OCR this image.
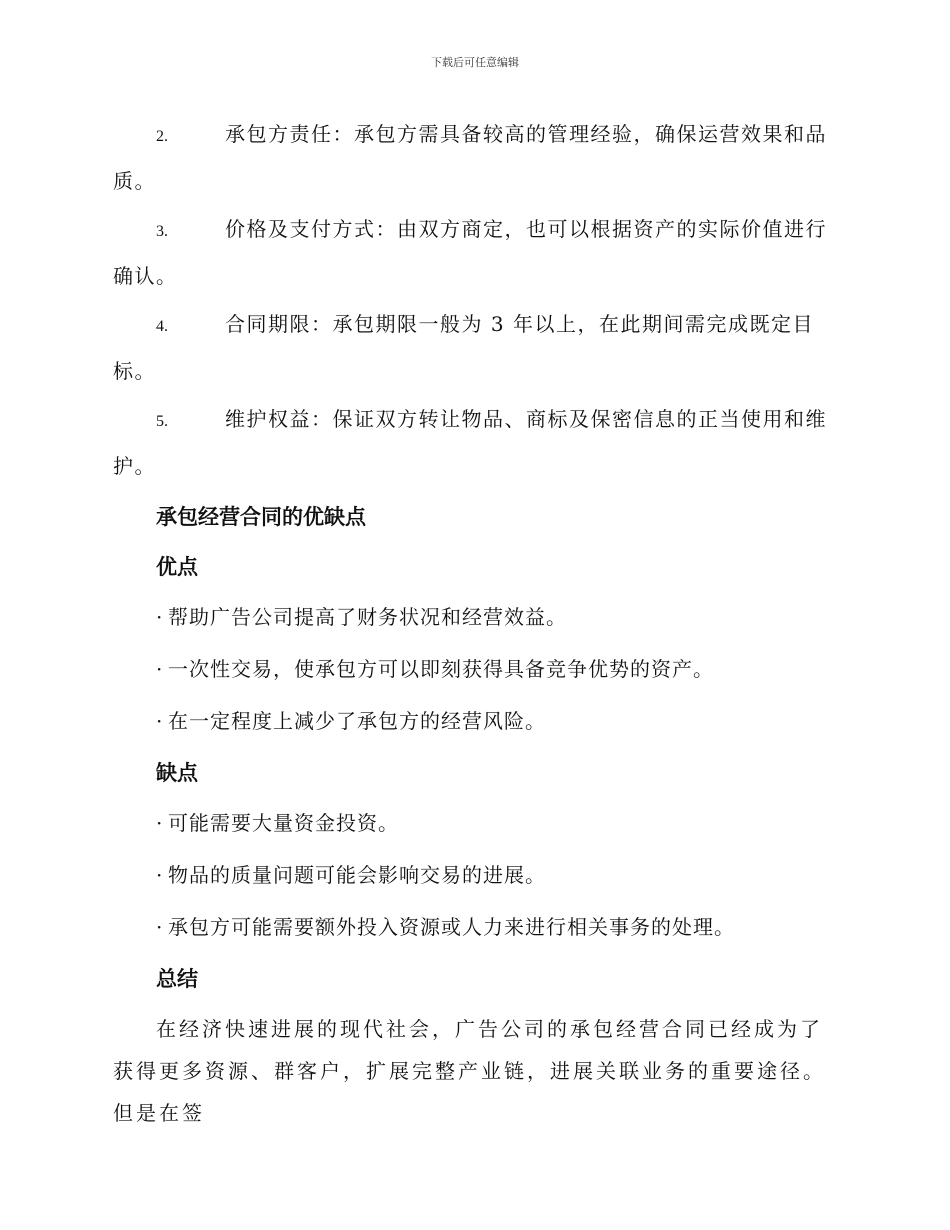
下载后可任意编辑
2.	承包方责任：承包方需具备较高的管理经验，确保运营效果和品质。
3.	价格及支付方式：由双方商定，也可以根据资产的实际价值进行确认。
4.	合同期限：承包期限一般为 3 年以上，在此期间需完成既定目标。
5.	维护权益：保证双方转让物品、商标及保密信息的正当使用和维护。
承包经营合同的优缺点
优点
· 帮助广告公司提高了财务状况和经营效益。
· 一次性交易，使承包方可以即刻获得具备竞争优势的资产。
· 在一定程度上减少了承包方的经营风险。
缺点
· 可能需要大量资金投资。
· 物品的质量问题可能会影响交易的进展。
· 承包方可能需要额外投入资源或人力来进行相关事务的处理。
总结
在经济快速进展的现代社会，广告公司的承包经营合同已经成为了获得更多资源、群客户，扩展完整产业链，进展关联业务的重要途径。但是在签
